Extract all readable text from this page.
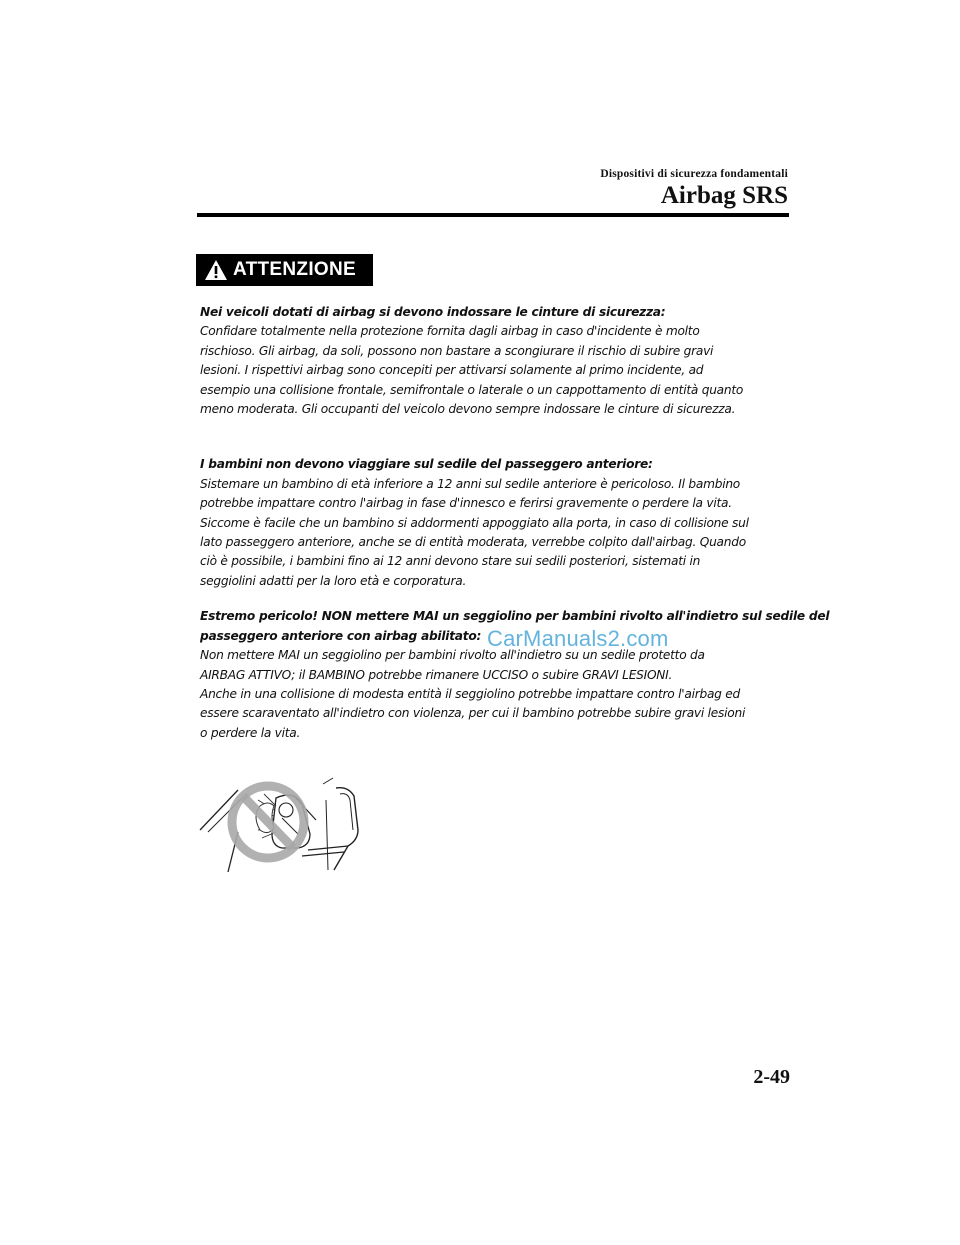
Dispositivi di sicurezza fondamentali
Airbag SRS
ATTENZIONE
Nei veicoli dotati di airbag si devono indossare le cinture di sicurezza:
Confidare totalmente nella protezione fornita dagli airbag in caso d'incidente è molto
rischioso. Gli airbag, da soli, possono non bastare a scongiurare il rischio di subire gravi
lesioni. I rispettivi airbag sono concepiti per attivarsi solamente al primo incidente, ad
esempio una collisione frontale, semifrontale o laterale o un cappottamento di entità quanto
meno moderata. Gli occupanti del veicolo devono sempre indossare le cinture di sicurezza.
I bambini non devono viaggiare sul sedile del passeggero anteriore:
Sistemare un bambino di età inferiore a 12 anni sul sedile anteriore è pericoloso. Il bambino
potrebbe impattare contro l'airbag in fase d'innesco e ferirsi gravemente o perdere la vita.
Siccome è facile che un bambino si addormenti appoggiato alla porta, in caso di collisione sul
lato passeggero anteriore, anche se di entità moderata, verrebbe colpito dall'airbag. Quando
ciò è possibile, i bambini fino ai 12 anni devono stare sui sedili posteriori, sistemati in
seggiolini adatti per la loro età e corporatura.
Estremo pericolo! NON mettere MAI un seggiolino per bambini rivolto all'indietro sul sedile del
passeggero anteriore con airbag abilitato:
Non mettere MAI un seggiolino per bambini rivolto all'indietro su un sedile protetto da
AIRBAG ATTIVO; il BAMBINO potrebbe rimanere UCCISO o subire GRAVI LESIONI.
Anche in una collisione di modesta entità il seggiolino potrebbe impattare contro l'airbag ed
essere scaraventato all'indietro con violenza, per cui il bambino potrebbe subire gravi lesioni
o perdere la vita.
CarManuals2.com
2-49
